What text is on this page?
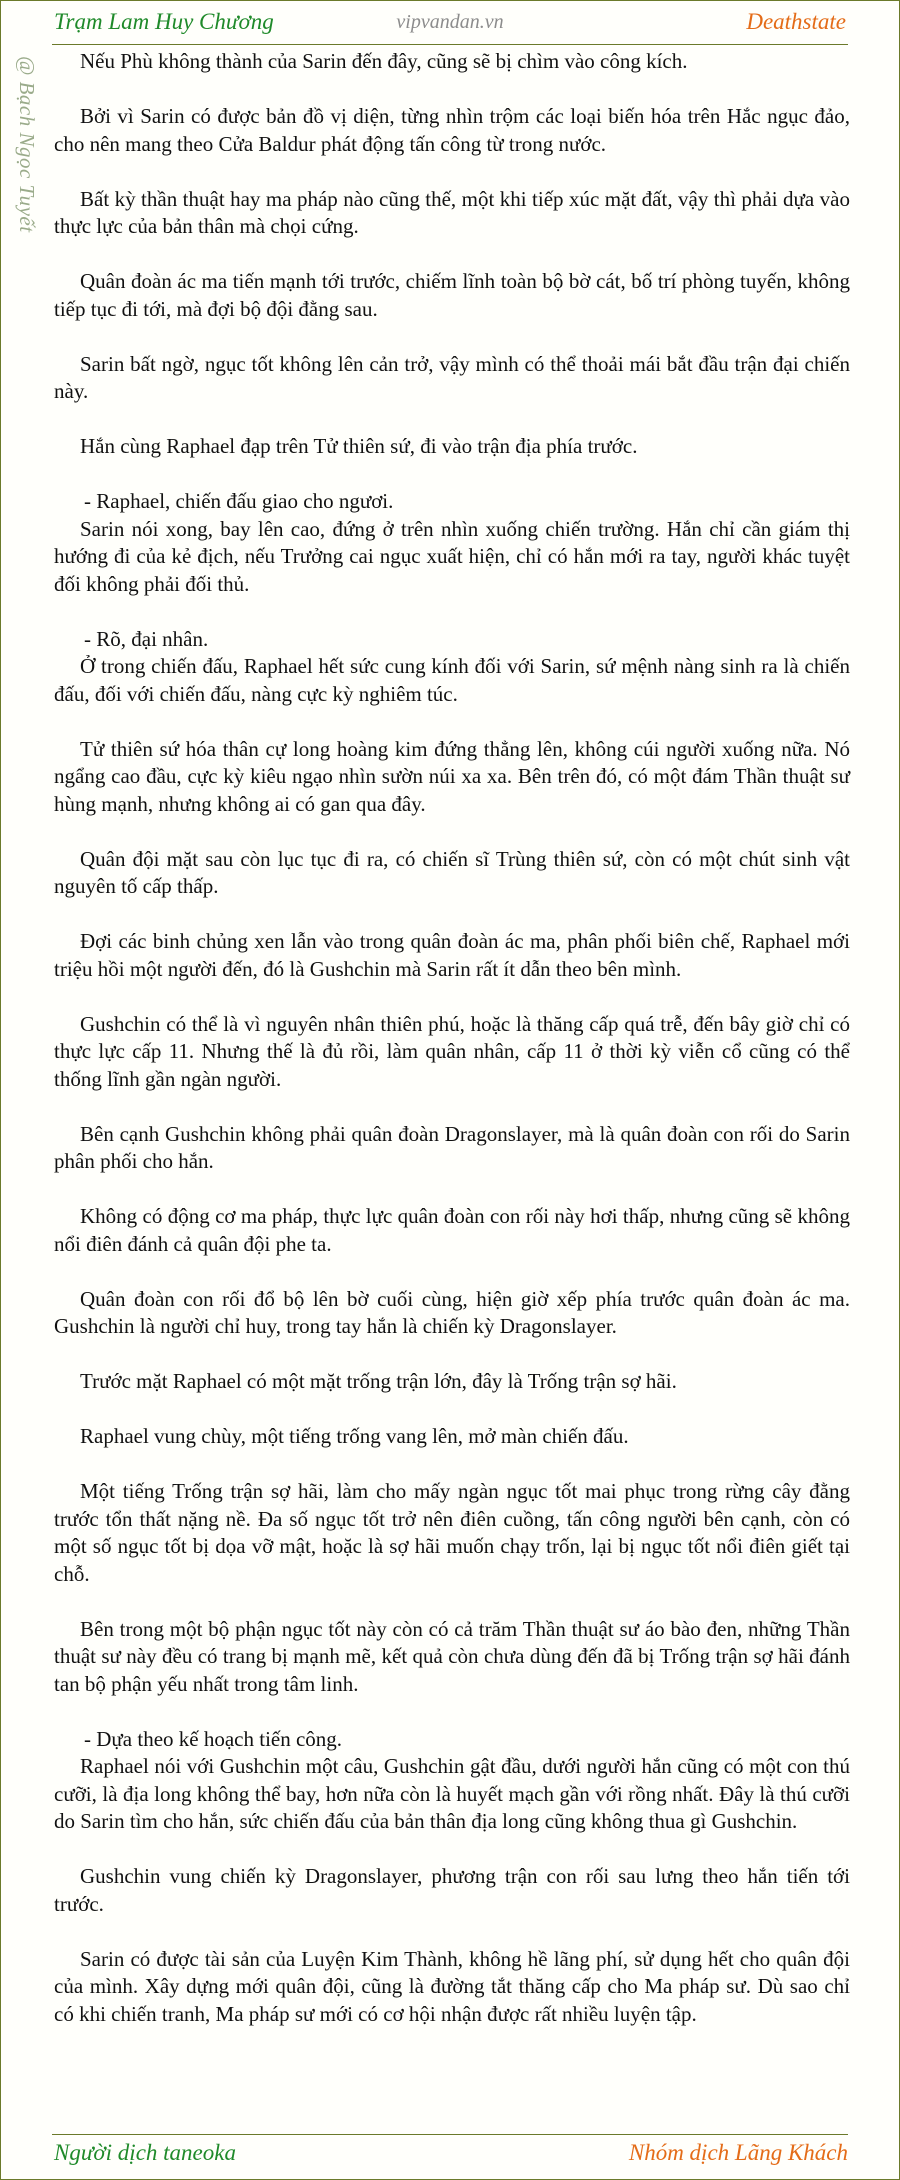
Trạm Lam Huy Chương	vipvandan.vn	Deathstate
@ Bạch Ngọc Tuyết	Nếu Phù không thành của Sarin đến đây, cũng sẽ bị chìm vào công kích.

Bởi vì Sarin có được bản đồ vị diện, từng nhìn trộm các loại biến hóa trên Hắc ngục đảo, cho nên mang theo Cửa Baldur phát động tấn công từ trong nước.

Bất kỳ thần thuật hay ma pháp nào cũng thế, một khi tiếp xúc mặt đất, vậy thì phải dựa vào thực lực của bản thân mà chọi cứng.

Quân đoàn ác ma tiến mạnh tới trước, chiếm lĩnh toàn bộ bờ cát, bố trí phòng tuyến, không tiếp tục đi tới, mà đợi bộ đội đằng sau.

Sarin bất ngờ, ngục tốt không lên cản trở, vậy mình có thể thoải mái bắt đầu trận đại chiến này.

Hắn cùng Raphael đạp trên Tử thiên sứ, đi vào trận địa phía trước.

- Raphael, chiến đấu giao cho ngươi.

Sarin nói xong, bay lên cao, đứng ở trên nhìn xuống chiến trường. Hắn chỉ cần giám thị hướng đi của kẻ địch, nếu Trưởng cai ngục xuất hiện, chỉ có hắn mới ra tay, người khác tuyệt đối không phải đối thủ.

- Rõ, đại nhân.

Ở trong chiến đấu, Raphael hết sức cung kính đối với Sarin, sứ mệnh nàng sinh ra là chiến đấu, đối với chiến đấu, nàng cực kỳ nghiêm túc.

Tử thiên sứ hóa thân cự long hoàng kim đứng thẳng lên, không cúi người xuống nữa. Nó ngẩng cao đầu, cực kỳ kiêu ngạo nhìn sườn núi xa xa. Bên trên đó, có một đám Thần thuật sư hùng mạnh, nhưng không ai có gan qua đây.

Quân đội mặt sau còn lục tục đi ra, có chiến sĩ Trùng thiên sứ, còn có một chút sinh vật nguyên tố cấp thấp.

Đợi các binh chủng xen lẫn vào trong quân đoàn ác ma, phân phối biên chế, Raphael mới triệu hồi một người đến, đó là Gushchin mà Sarin rất ít dẫn theo bên mình.

Gushchin có thể là vì nguyên nhân thiên phú, hoặc là thăng cấp quá trễ, đến bây giờ chỉ có thực lực cấp 11. Nhưng thế là đủ rồi, làm quân nhân, cấp 11 ở thời kỳ viễn cổ cũng có thể thống lĩnh gần ngàn người.

Bên cạnh Gushchin không phải quân đoàn Dragonslayer, mà là quân đoàn con rối do Sarin phân phối cho hắn.

Không có động cơ ma pháp, thực lực quân đoàn con rối này hơi thấp, nhưng cũng sẽ không nổi điên đánh cả quân đội phe ta.

Quân đoàn con rối đổ bộ lên bờ cuối cùng, hiện giờ xếp phía trước quân đoàn ác ma. Gushchin là người chỉ huy, trong tay hắn là chiến kỳ Dragonslayer.

Trước mặt Raphael có một mặt trống trận lớn, đây là Trống trận sợ hãi.

Raphael vung chùy, một tiếng trống vang lên, mở màn chiến đấu.

Một tiếng Trống trận sợ hãi, làm cho mấy ngàn ngục tốt mai phục trong rừng cây đằng trước tổn thất nặng nề. Đa số ngục tốt trở nên điên cuồng, tấn công người bên cạnh, còn có một số ngục tốt bị dọa vỡ mật, hoặc là sợ hãi muốn chạy trốn, lại bị ngục tốt nổi điên giết tại chỗ.

Bên trong một bộ phận ngục tốt này còn có cả trăm Thần thuật sư áo bào đen, những Thần thuật sư này đều có trang bị mạnh mẽ, kết quả còn chưa dùng đến đã bị Trống trận sợ hãi đánh tan bộ phận yếu nhất trong tâm linh.

- Dựa theo kế hoạch tiến công.

Raphael nói với Gushchin một câu, Gushchin gật đầu, dưới người hắn cũng có một con thú cưỡi, là địa long không thể bay, hơn nữa còn là huyết mạch gần với rồng nhất. Đây là thú cưỡi do Sarin tìm cho hắn, sức chiến đấu của bản thân địa long cũng không thua gì Gushchin.

Gushchin vung chiến kỳ Dragonslayer, phương trận con rối sau lưng theo hắn tiến tới trước.

Sarin có được tài sản của Luyện Kim Thành, không hề lãng phí, sử dụng hết cho quân đội của mình. Xây dựng mới quân đội, cũng là đường tắt thăng cấp cho Ma pháp sư. Dù sao chỉ có khi chiến tranh, Ma pháp sư mới có cơ hội nhận được rất nhiều luyện tập.

Người dịch taneoka	Nhóm dịch Lãng Khách
